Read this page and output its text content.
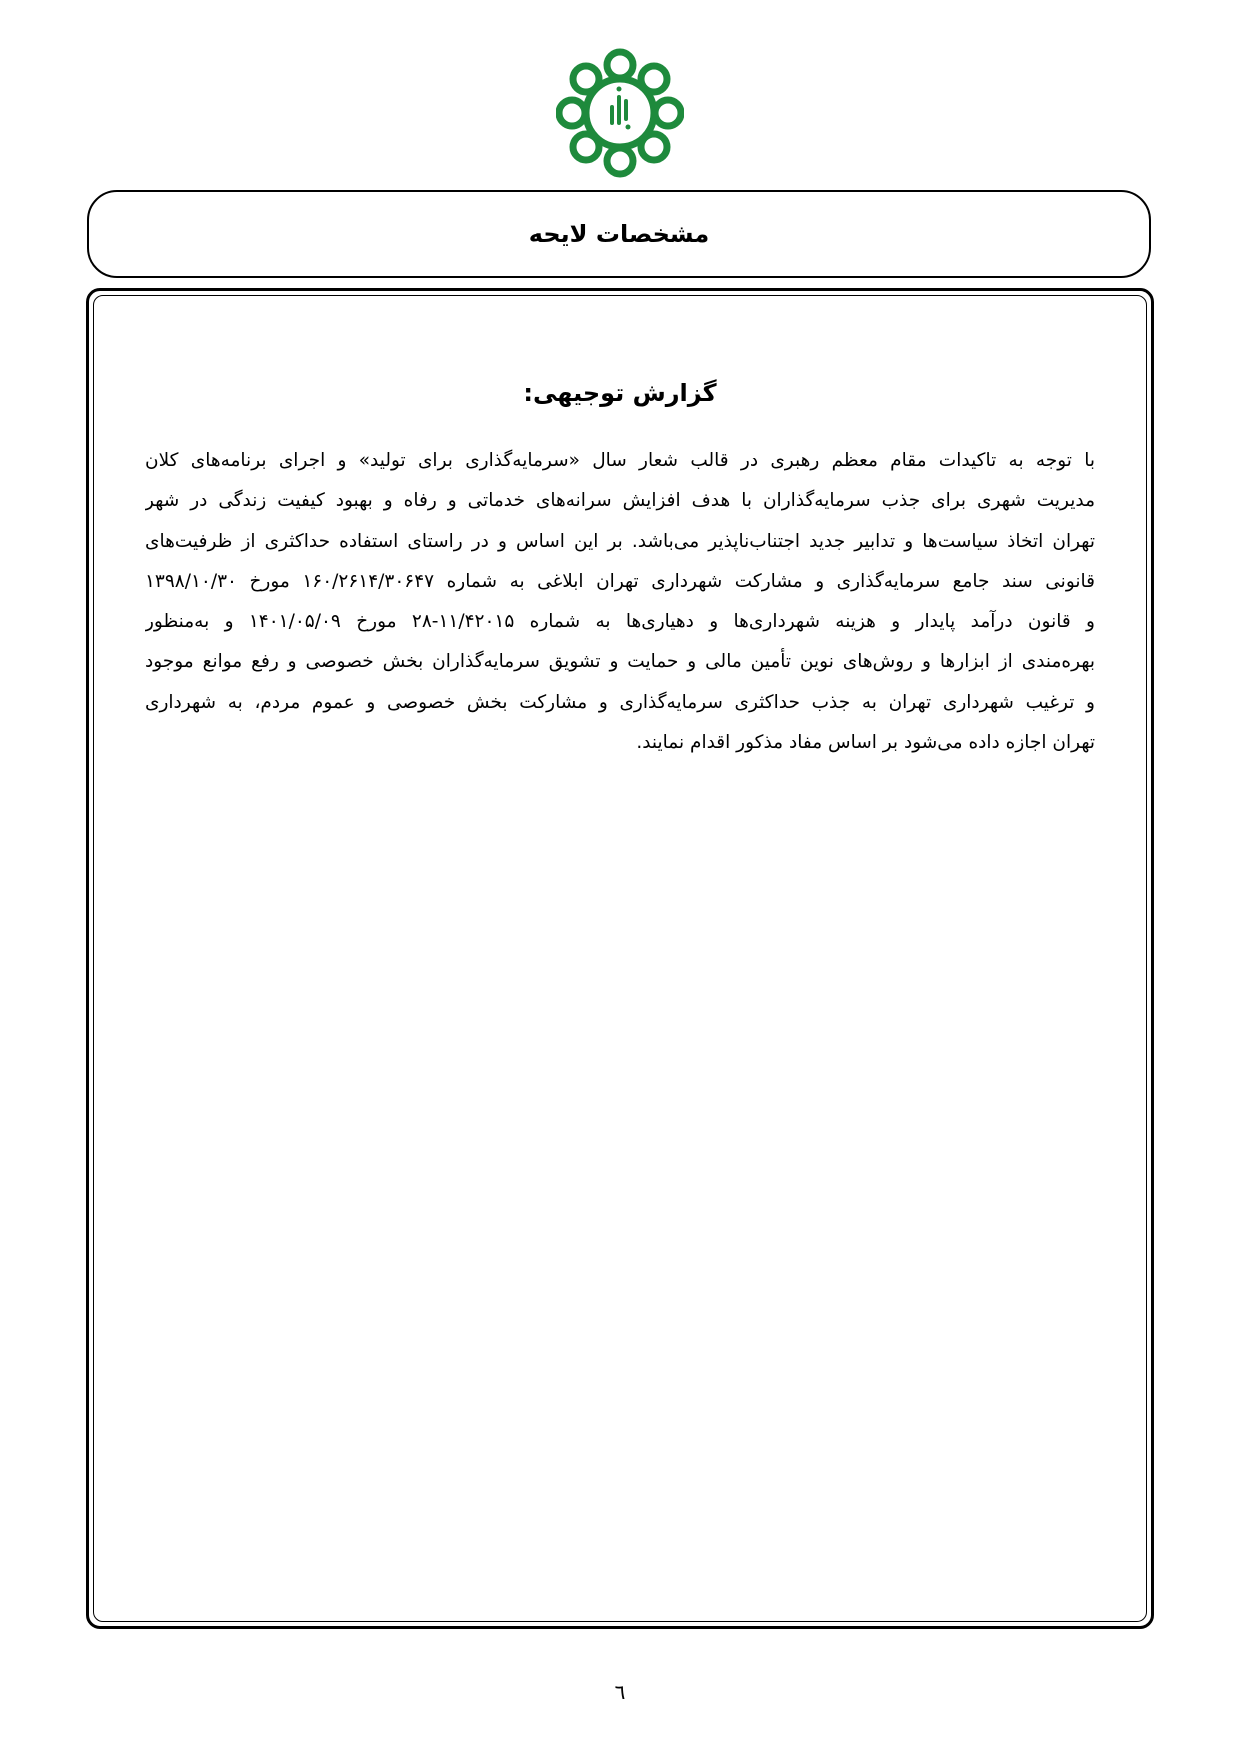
مشخصات لایحه
گزارش توجیهی:
با توجه به تاکیدات مقام معظم رهبری در قالب شعار سال «سرمایه‌گذاری برای تولید» و اجرای برنامه‌های کلان
مدیریت شهری برای جذب سرمایه‌گذاران با هدف افزایش سرانه‌های خدماتی و رفاه و بهبود کیفیت زندگی در شهر
تهران اتخاذ سیاست‌ها و تدابیر جدید اجتناب‌ناپذیر می‌باشد. بر این اساس و در راستای استفاده حداکثری از ظرفیت‌های
قانونی سند جامع سرمایه‌گذاری و مشارکت شهرداری تهران ابلاغی به شماره ۱۶۰/۲۶۱۴/۳۰۶۴۷ مورخ ۱۳۹۸/۱۰/۳۰
و قانون درآمد پایدار و هزینه شهرداری‌ها و دهیاری‌ها به شماره ۱۱/۴۲۰۱۵-۲۸ مورخ ۱۴۰۱/۰۵/۰۹ و به‌منظور
بهره‌مندی از ابزارها و روش‌های نوین تأمین مالی و حمایت و تشویق سرمایه‌گذاران بخش خصوصی و رفع موانع موجود
و ترغیب شهرداری تهران به جذب حداکثری سرمایه‌گذاری و مشارکت بخش خصوصی و عموم مردم، به شهرداری
تهران اجازه داده می‌شود بر اساس مفاد مذکور اقدام نمایند.
٦
